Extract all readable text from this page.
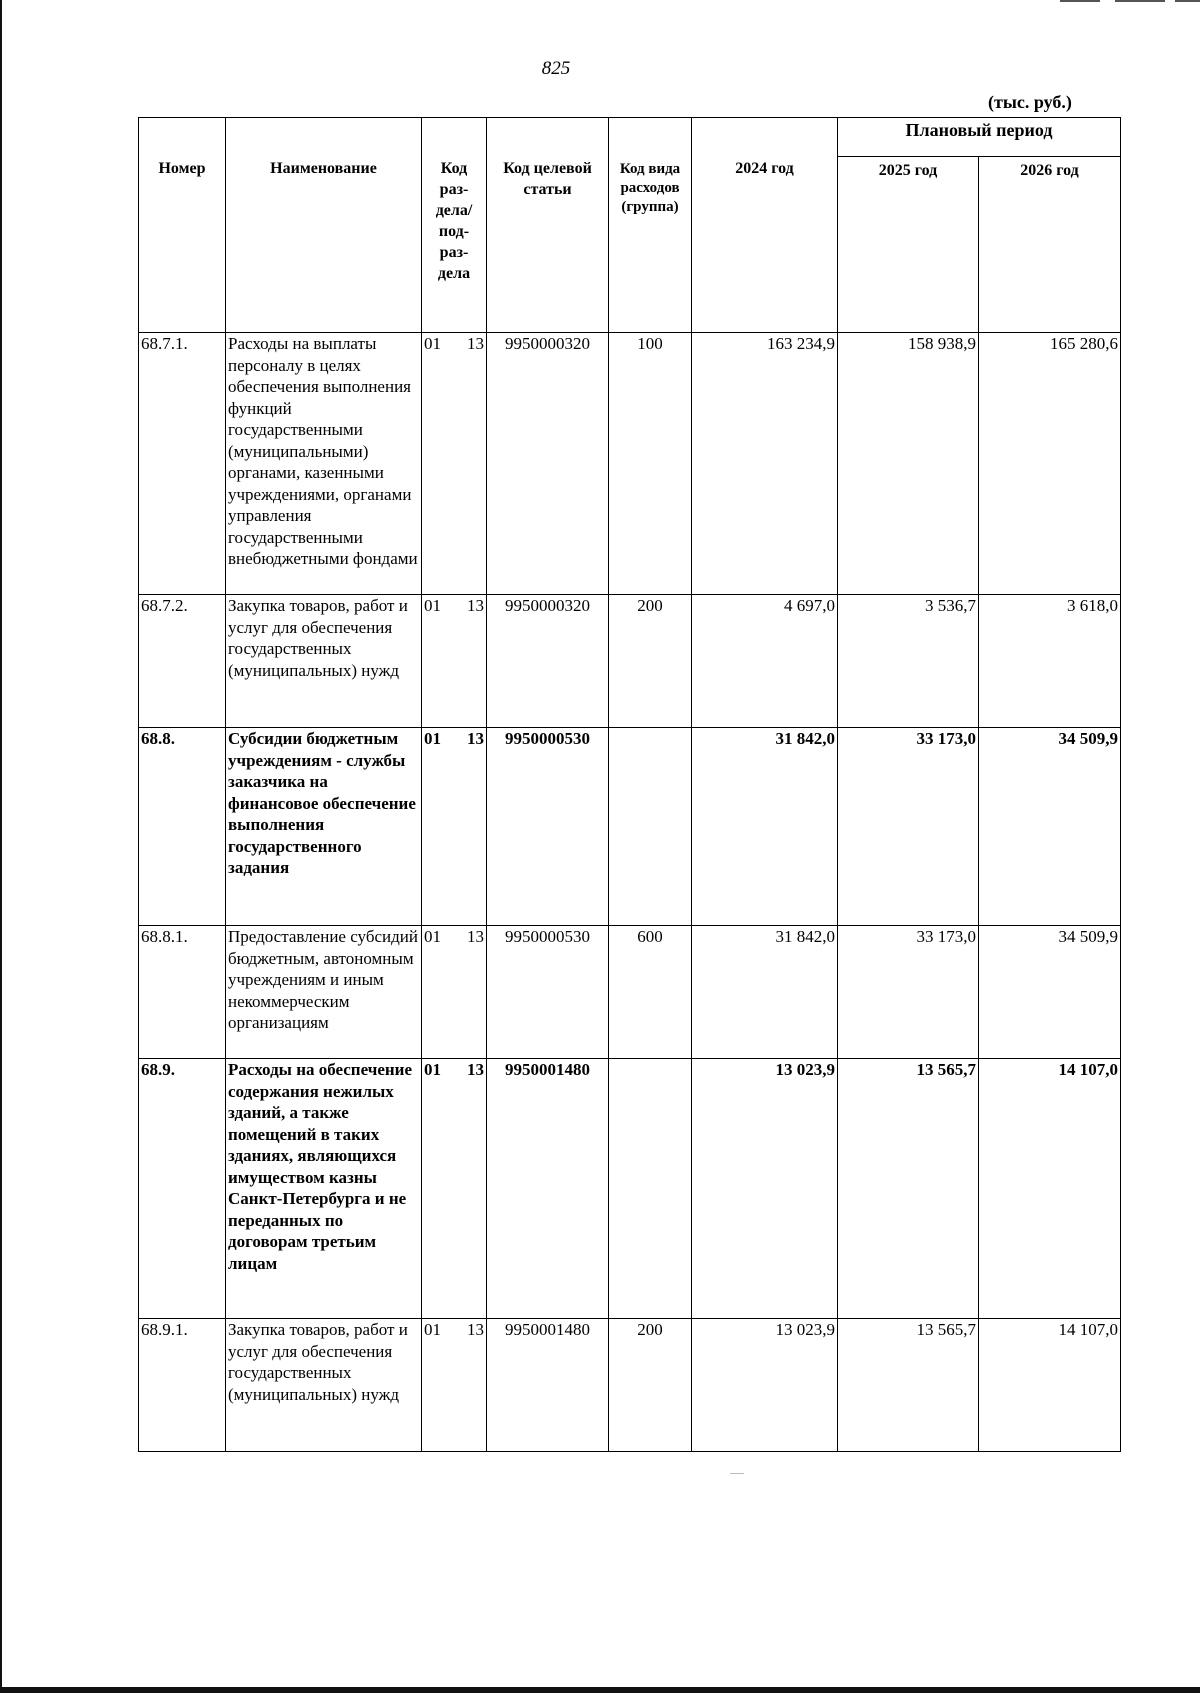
825
(тыс. руб.)
Номер	Наименование	Код раз-дела/ под-раз-дела	Код целевой статьи	Код вида расходов (группа)	2024 год	Плановый период	
						2025 год	2026 год
68.7.1.	Расходы на выплаты персоналу в целях обеспечения выполнения функций государственными (муниципальными) органами, казенными учреждениями, органами управления государственными внебюджетными фондами	01 13	9950000320	100	163 234,9	158 938,9	165 280,6
68.7.2.	Закупка товаров, работ и услуг для обеспечения государственных (муниципальных) нужд	01 13	9950000320	200	4 697,0	3 536,7	3 618,0
68.8.	Субсидии бюджетным учреждениям - службы заказчика на финансовое обеспечение выполнения государственного задания	01 13	9950000530		31 842,0	33 173,0	34 509,9
68.8.1.	Предоставление субсидий бюджетным, автономным учреждениям и иным некоммерческим организациям	01 13	9950000530	600	31 842,0	33 173,0	34 509,9
68.9.	Расходы на обеспечение содержания нежилых зданий, а также помещений в таких зданиях, являющихся имуществом казны Санкт-Петербурга и не переданных по договорам третьим лицам	01 13	9950001480		13 023,9	13 565,7	14 107,0
68.9.1.	Закупка товаров, работ и услуг для обеспечения государственных (муниципальных) нужд	01 13	9950001480	200	13 023,9	13 565,7	14 107,0
